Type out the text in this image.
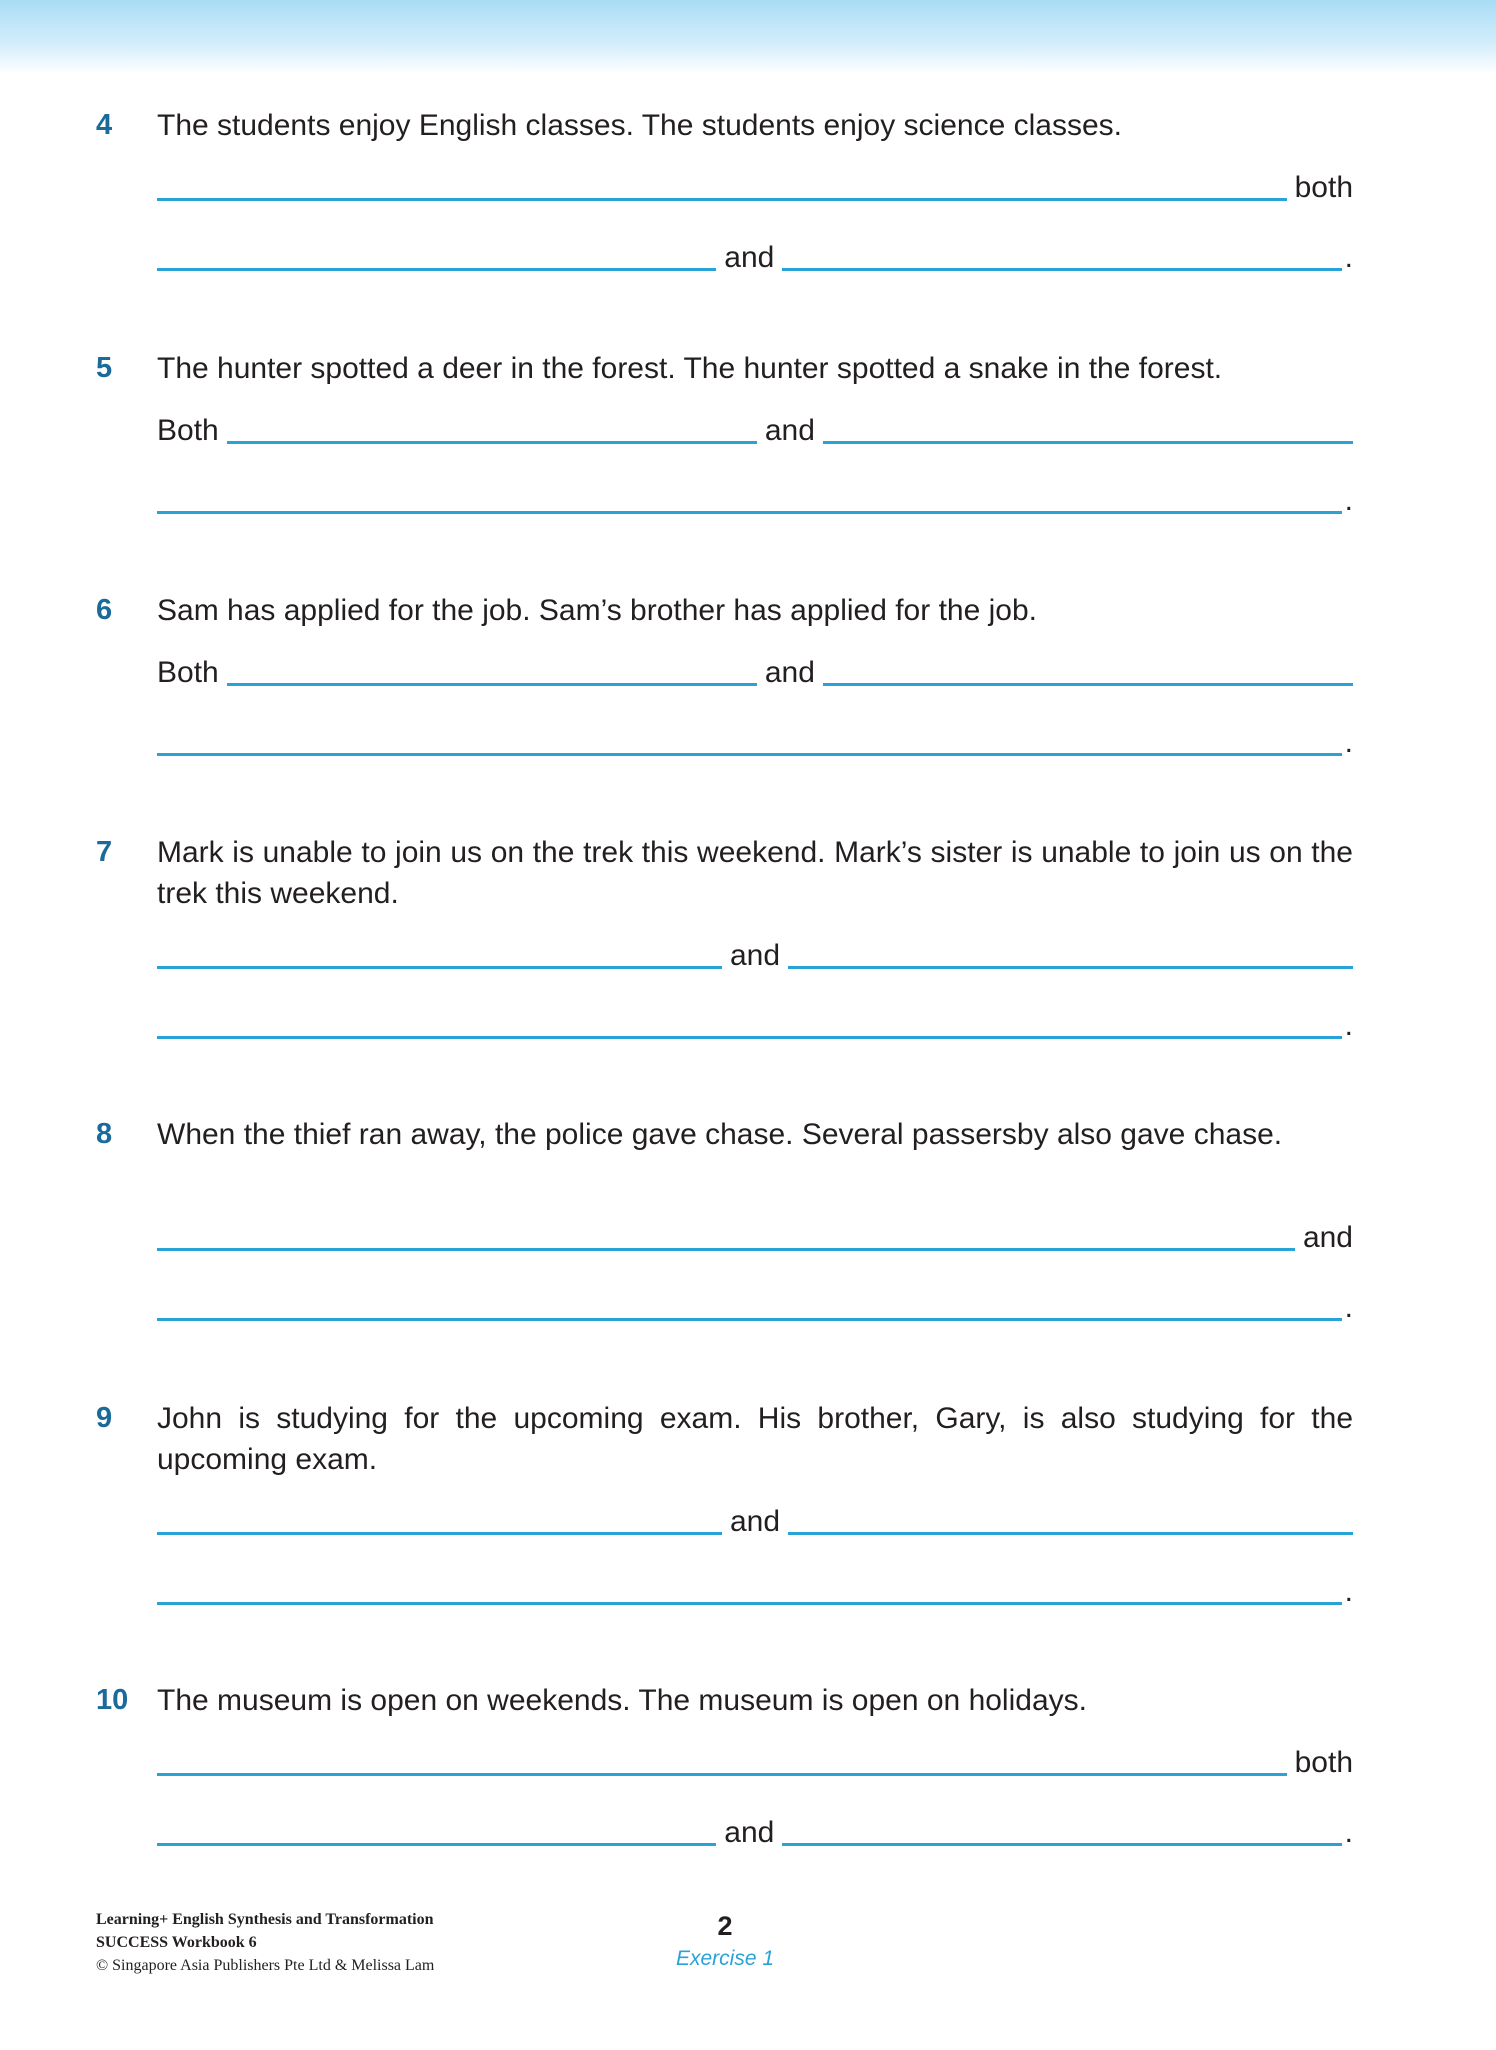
4 The students enjoy English classes. The students enjoy science classes.
both
and	.
5 The hunter spotted a deer in the forest. The hunter spotted a snake in the forest.
Both	and
.
6 Sam has applied for the job. Sam’s brother has applied for the job.
Both	and
.
7 Mark is unable to join us on the trek this weekend. Mark’s sister is unable to join us on the trek this weekend.
and
.
8 When the thief ran away, the police gave chase. Several passersby also gave chase.
and
.
9 John is studying for the upcoming exam. His brother, Gary, is also studying for the upcoming exam.
and
.
10 The museum is open on weekends. The museum is open on holidays.
both
and	.
Learning+ English Synthesis and Transformation
SUCCESS Workbook 6
© Singapore Asia Publishers Pte Ltd & Melissa Lam
2
Exercise 1
